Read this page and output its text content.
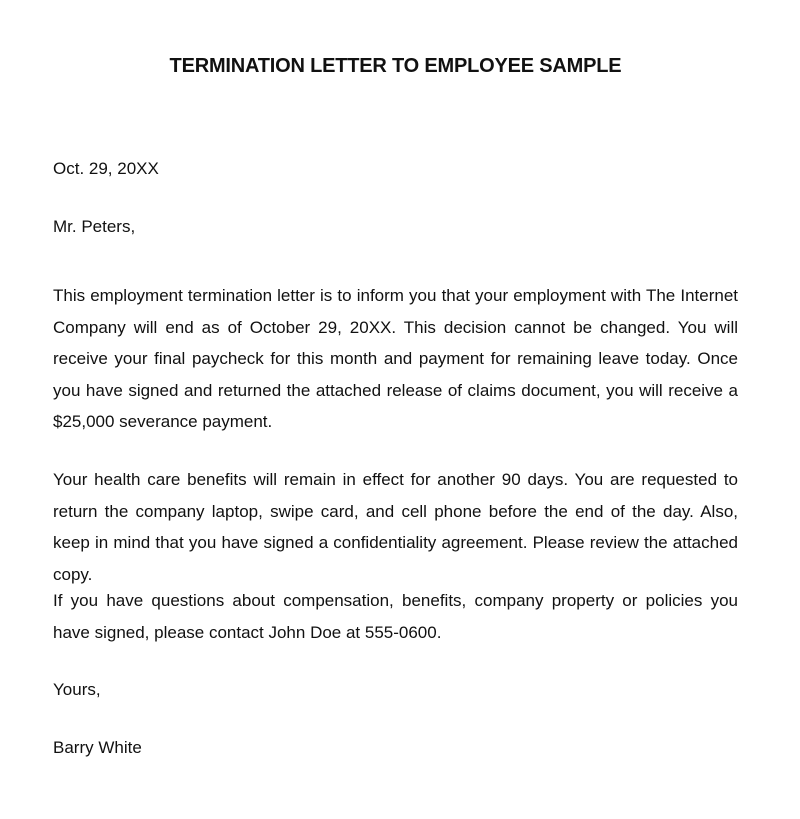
TERMINATION LETTER TO EMPLOYEE SAMPLE

Oct. 29, 20XX

Mr. Peters,

This employment termination letter is to inform you that your employment with The Internet Company will end as of October 29, 20XX. This decision cannot be changed. You will receive your final paycheck for this month and payment for remaining leave today. Once you have signed and returned the attached release of claims document, you will receive a $25,000 severance payment.

Your health care benefits will remain in effect for another 90 days. You are requested to return the company laptop, swipe card, and cell phone before the end of the day. Also, keep in mind that you have signed a confidentiality agreement. Please review the attached copy.

If you have questions about compensation, benefits, company property or policies you have signed, please contact John Doe at 555-0600.

Yours,

Barry White
